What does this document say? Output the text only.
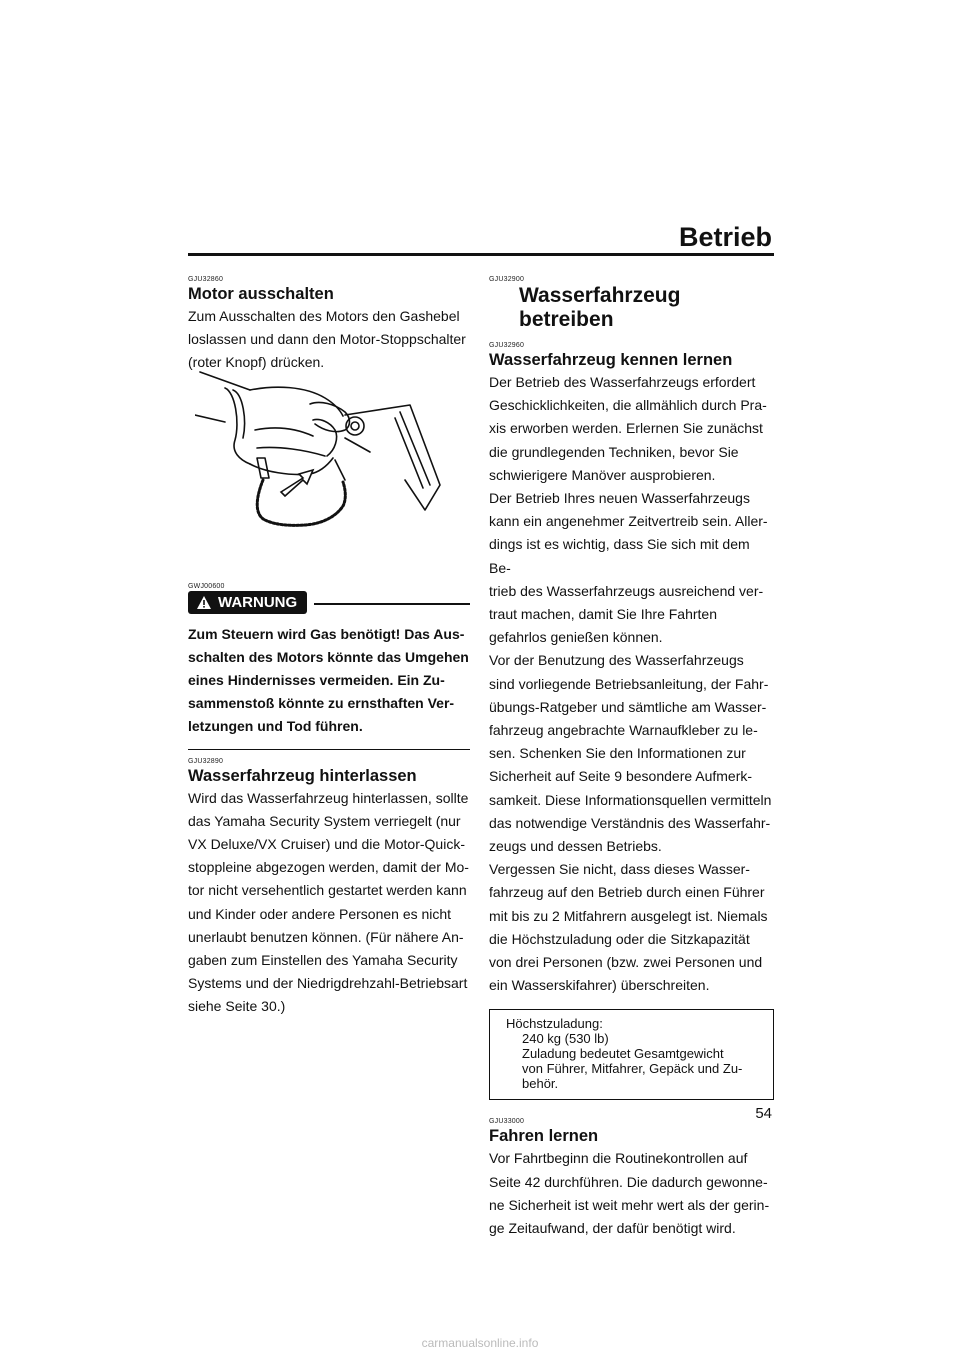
Betrieb
GJU32860
Motor ausschalten

Zum Ausschalten des Motors den Gashebel
loslassen und dann den Motor-Stoppschalter
(roter Knopf) drücken.

GWJ00600
WARNUNG

Zum Steuern wird Gas benötigt! Das Aus-
schalten des Motors könnte das Umgehen
eines Hindernisses vermeiden. Ein Zu-
sammenstoß könnte zu ernsthaften Ver-
letzungen und Tod führen.

GJU32890
Wasserfahrzeug hinterlassen

Wird das Wasserfahrzeug hinterlassen, sollte
das Yamaha Security System verriegelt (nur
VX Deluxe/VX Cruiser) und die Motor-Quick-
stoppleine abgezogen werden, damit der Mo-
tor nicht versehentlich gestartet werden kann
und Kinder oder andere Personen es nicht
unerlaubt benutzen können. (Für nähere An-
gaben zum Einstellen des Yamaha Security
Systems und der Niedrigdrehzahl-Betriebsart
siehe Seite 30.)

GJU32900
Wasserfahrzeug betreiben
GJU32960
Wasserfahrzeug kennen lernen

Der Betrieb des Wasserfahrzeugs erfordert
Geschicklichkeiten, die allmählich durch Pra-
xis erworben werden. Erlernen Sie zunächst
die grundlegenden Techniken, bevor Sie
schwierigere Manöver ausprobieren.
Der Betrieb Ihres neuen Wasserfahrzeugs
kann ein angenehmer Zeitvertreib sein. Aller-
dings ist es wichtig, dass Sie sich mit dem Be-
trieb des Wasserfahrzeugs ausreichend ver-
traut machen, damit Sie Ihre Fahrten
gefahrlos genießen können.
Vor der Benutzung des Wasserfahrzeugs
sind vorliegende Betriebsanleitung, der Fahr-
übungs-Ratgeber und sämtliche am Wasser-
fahrzeug angebrachte Warnaufkleber zu le-
sen. Schenken Sie den Informationen zur
Sicherheit auf Seite 9 besondere Aufmerk-
samkeit. Diese Informationsquellen vermitteln
das notwendige Verständnis des Wasserfahr-
zeugs und dessen Betriebs.
Vergessen Sie nicht, dass dieses Wasser-
fahrzeug auf den Betrieb durch einen Führer
mit bis zu 2 Mitfahrern ausgelegt ist. Niemals
die Höchstzuladung oder die Sitzkapazität
von drei Personen (bzw. zwei Personen und
ein Wasserskifahrer) überschreiten.

Höchstzuladung:
240 kg (530 lb)
Zuladung bedeutet Gesamtgewicht
von Führer, Mitfahrer, Gepäck und Zu-
behör.
GJU33000
Fahren lernen

Vor Fahrtbeginn die Routinekontrollen auf
Seite 42 durchführen. Die dadurch gewonne-
ne Sicherheit ist weit mehr wert als der gerin-
ge Zeitaufwand, der dafür benötigt wird.

54
carmanualsonline.info
